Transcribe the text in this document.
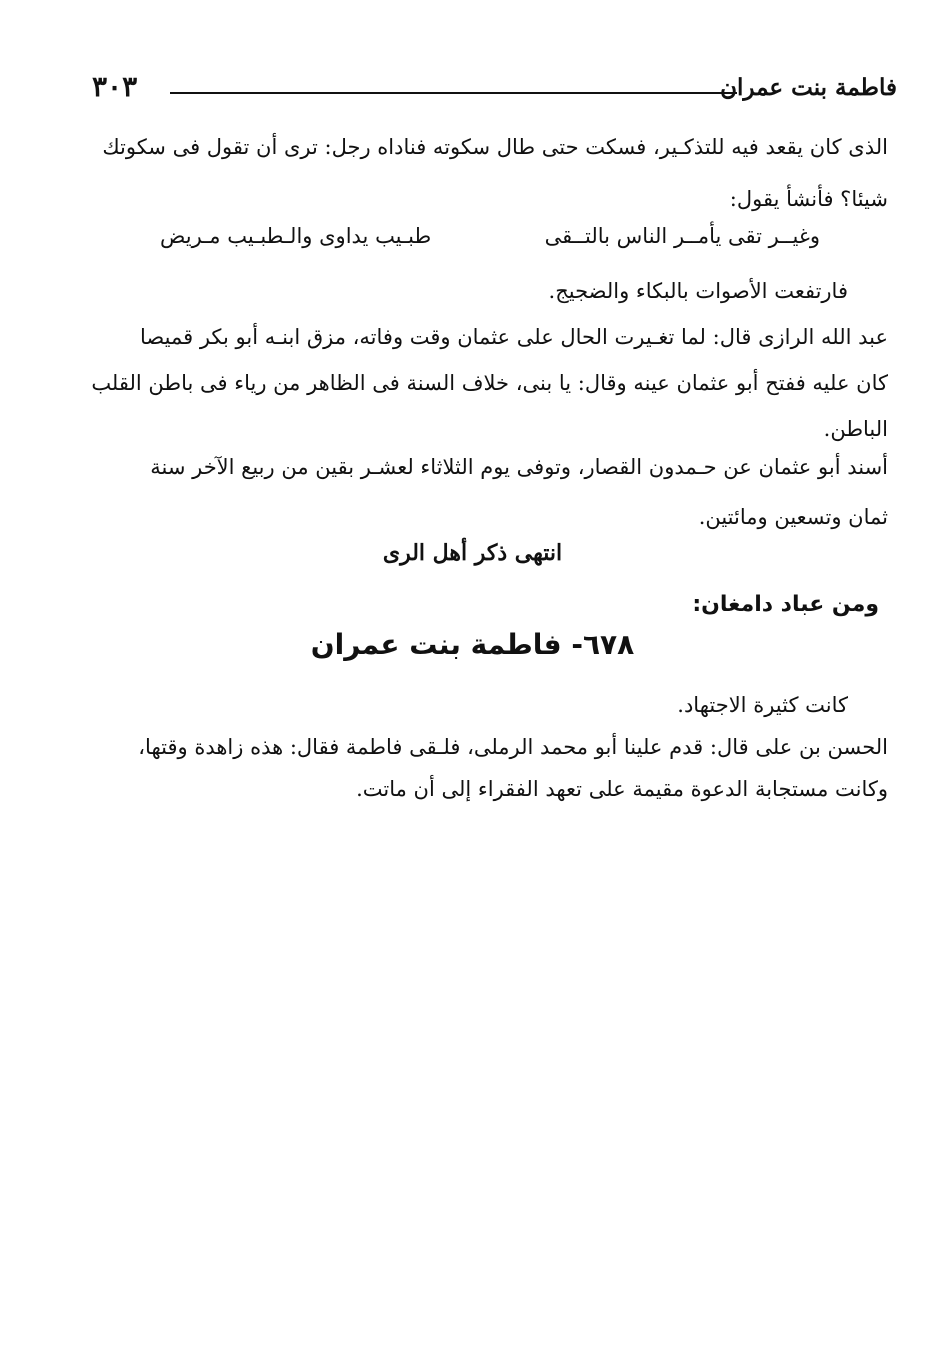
٣٠٣	فاطمة بنت عمران
الذى كان يقعد فيه للتذكـير، فسكت حتى طال سكوته فناداه رجل: ترى أن تقول فى سكوتك
شيئا؟ فأنشأ يقول:
وغيــر تقى يأمــر الناس بالتــقى
طبـيب يداوى والـطبـيب مـريض
فارتفعت الأصوات بالبكاء والضجيج.
عبد الله الرازى قال: لما تغـيرت الحال على عثمان وقت وفاته، مزق ابنـه أبو بكر قميصا
كان عليه ففتح أبو عثمان عينه وقال: يا بنى، خلاف السنة فى الظاهر من رياء فى باطن القلب
الباطن.
أسند أبو عثمان عن حـمدون القصار، وتوفى يوم الثلاثاء لعشـر بقين من ربيع الآخر سنة
ثمان وتسعين ومائتين.
انتهى ذكر أهل الرى
ومن عباد دامغان:
٦٧٨- فاطمة بنت عمران
كانت كثيرة الاجتهاد.
الحسن بن على قال: قدم علينا أبو محمد الرملى، فلـقى فاطمة فقال: هذه زاهدة وقتها،
وكانت مستجابة الدعوة مقيمة على تعهد الفقراء إلى أن ماتت.
